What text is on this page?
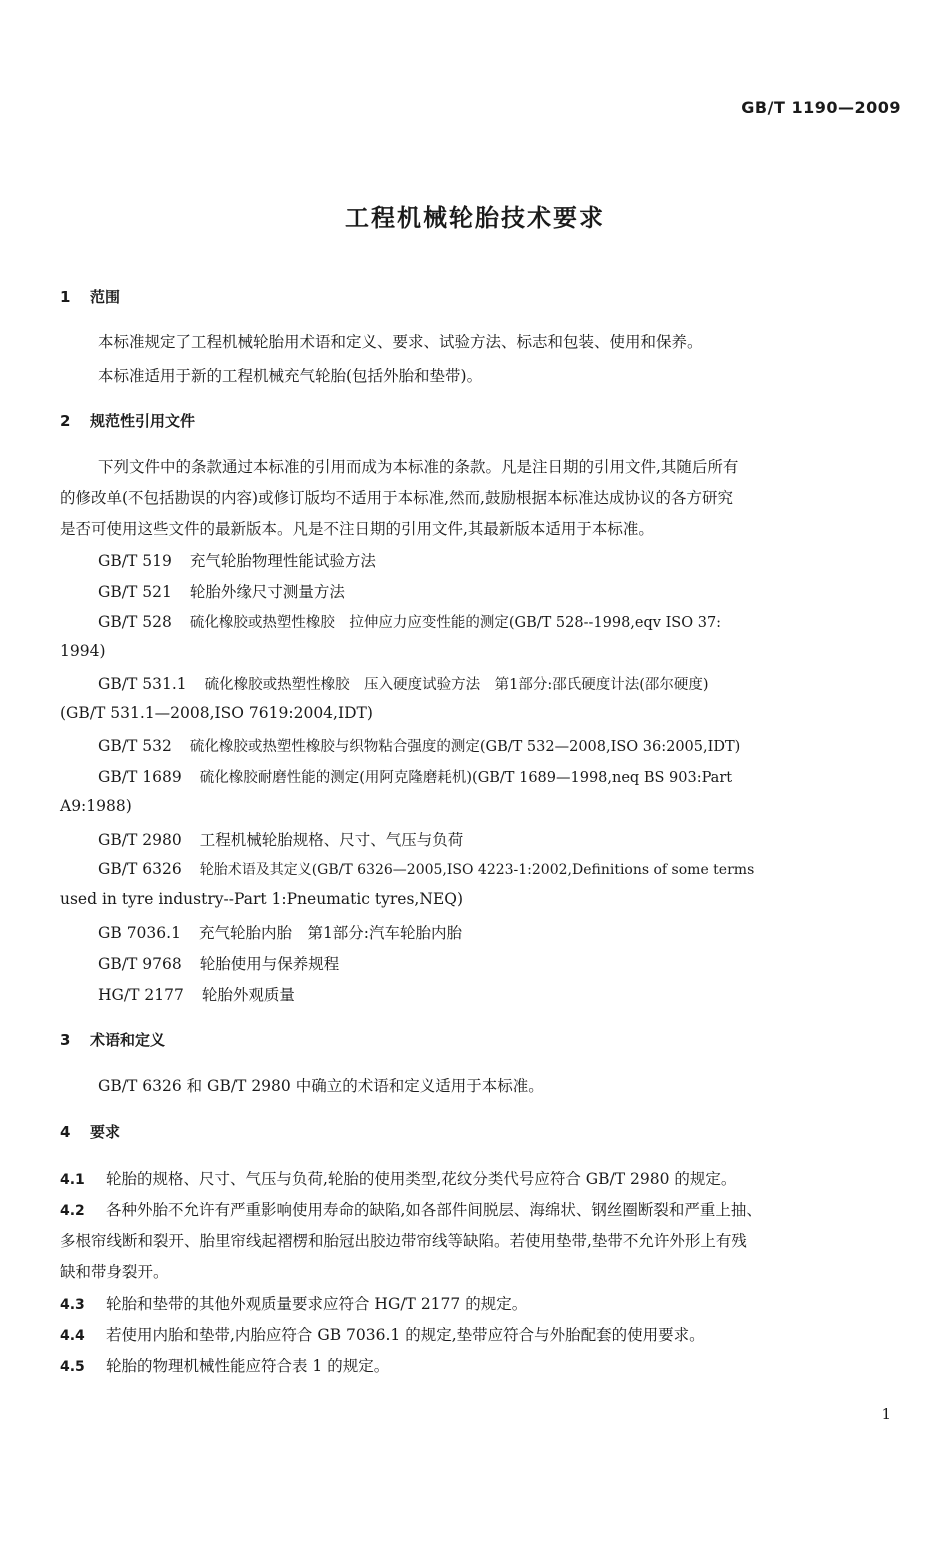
GB/T 1190—2009
工程机械轮胎技术要求
1 范围
本标准规定了工程机械轮胎用术语和定义、要求、试验方法、标志和包装、使用和保养。
本标准适用于新的工程机械充气轮胎(包括外胎和垫带)。
2 规范性引用文件
下列文件中的条款通过本标准的引用而成为本标准的条款。凡是注日期的引用文件,其随后所有
的修改单(不包括勘误的内容)或修订版均不适用于本标准,然而,鼓励根据本标准达成协议的各方研究
是否可使用这些文件的最新版本。凡是不注日期的引用文件,其最新版本适用于本标准。
GB/T 519 充气轮胎物理性能试验方法
GB/T 521 轮胎外缘尺寸测量方法
GB/T 528 硫化橡胶或热塑性橡胶　拉伸应力应变性能的测定(GB/T 528--1998,eqv ISO 37:
1994)
GB/T 531.1 硫化橡胶或热塑性橡胶　压入硬度试验方法　第1部分:邵氏硬度计法(邵尔硬度)
(GB/T 531.1—2008,ISO 7619:2004,IDT)
GB/T 532 硫化橡胶或热塑性橡胶与织物粘合强度的测定(GB/T 532—2008,ISO 36:2005,IDT)
GB/T 1689 硫化橡胶耐磨性能的测定(用阿克隆磨耗机)(GB/T 1689—1998,neq BS 903:Part
A9:1988)
GB/T 2980 工程机械轮胎规格、尺寸、气压与负荷
GB/T 6326 轮胎术语及其定义(GB/T 6326—2005,ISO 4223-1:2002,Definitions of some terms
used in tyre industry--Part 1:Pneumatic tyres,NEQ)
GB 7036.1 充气轮胎内胎　第1部分:汽车轮胎内胎
GB/T 9768 轮胎使用与保养规程
HG/T 2177 轮胎外观质量
3 术语和定义
GB/T 6326 和 GB/T 2980 中确立的术语和定义适用于本标准。
4 要求
4.1 轮胎的规格、尺寸、气压与负荷,轮胎的使用类型,花纹分类代号应符合 GB/T 2980 的规定。
4.2 各种外胎不允许有严重影响使用寿命的缺陷,如各部件间脱层、海绵状、钢丝圈断裂和严重上抽、
多根帘线断和裂开、胎里帘线起褶楞和胎冠出胶边带帘线等缺陷。若使用垫带,垫带不允许外形上有残
缺和带身裂开。
4.3 轮胎和垫带的其他外观质量要求应符合 HG/T 2177 的规定。
4.4 若使用内胎和垫带,内胎应符合 GB 7036.1 的规定,垫带应符合与外胎配套的使用要求。
4.5 轮胎的物理机械性能应符合表 1 的规定。
1
